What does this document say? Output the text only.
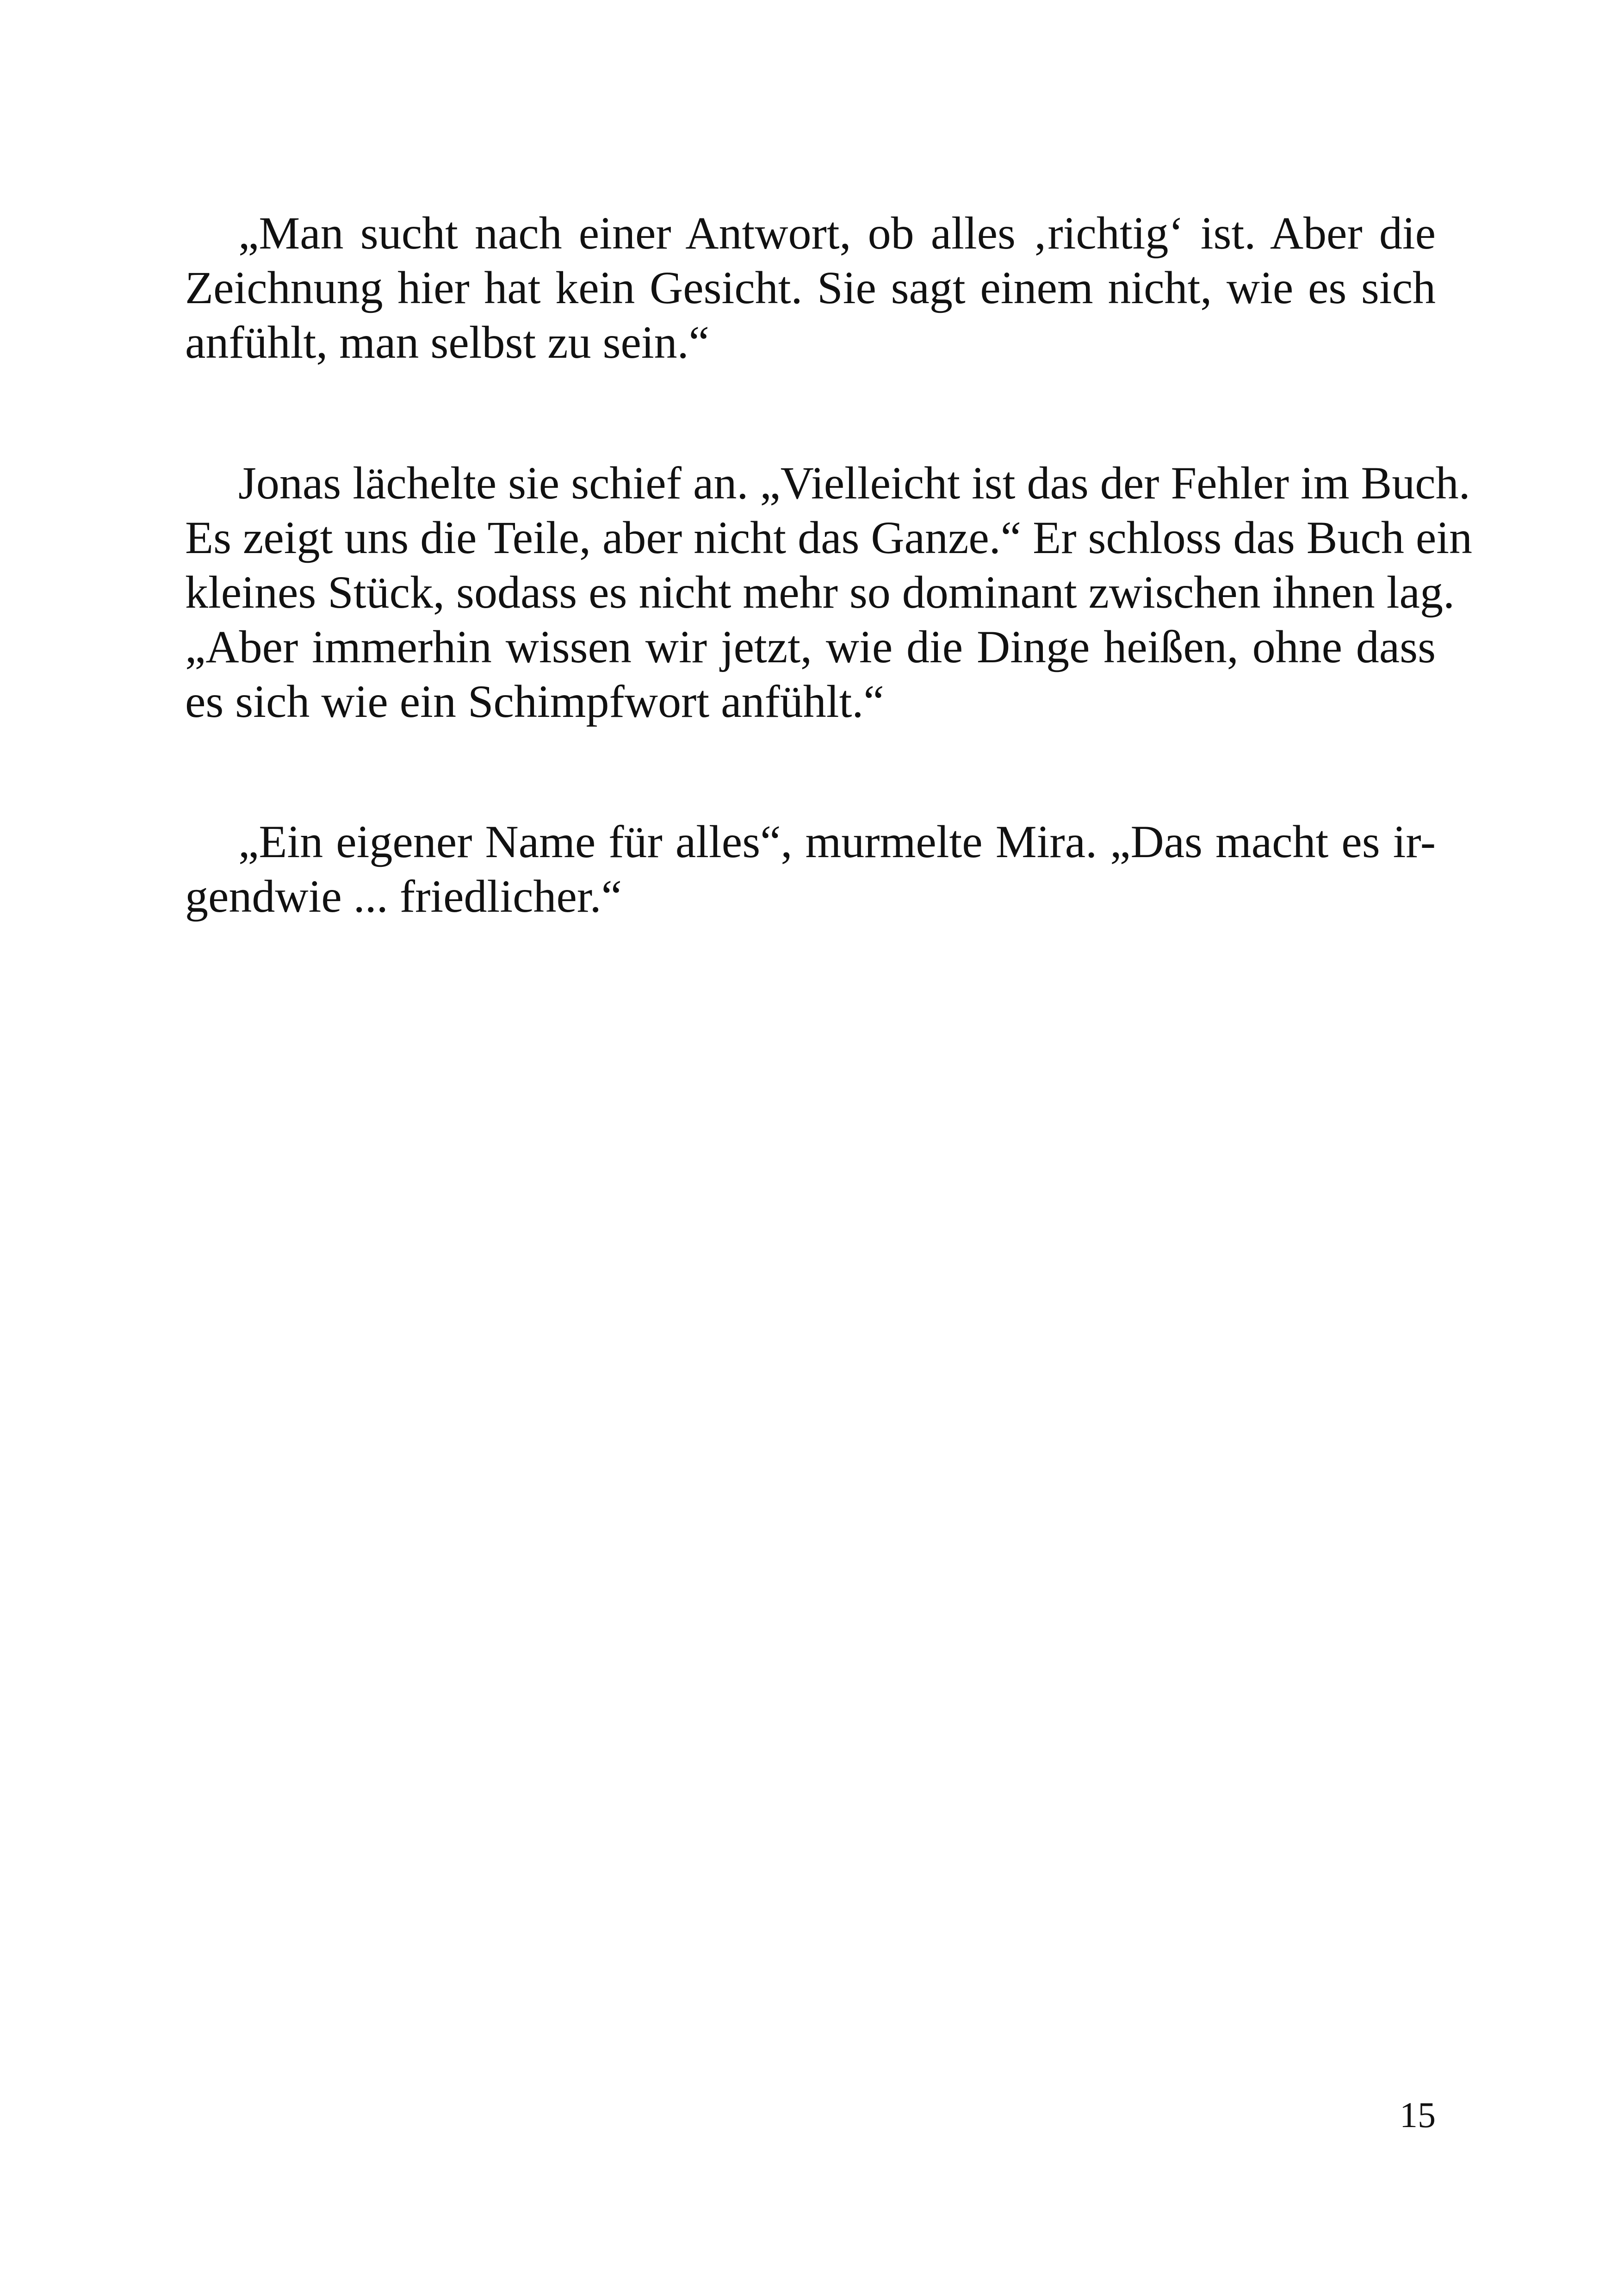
„Man sucht nach einer Antwort, ob alles ‚richtig‘ ist. Aber die
Zeichnung hier hat kein Gesicht. Sie sagt einem nicht, wie es sich
anfühlt, man selbst zu sein.“
Jonas lächelte sie schief an. „Vielleicht ist das der Fehler im Buch.
Es zeigt uns die Teile, aber nicht das Ganze.“ Er schloss das Buch ein
kleines Stück, sodass es nicht mehr so dominant zwischen ihnen lag.
„Aber immerhin wissen wir jetzt, wie die Dinge heißen, ohne dass
es sich wie ein Schimpfwort anfühlt.“
„Ein eigener Name für alles“, murmelte Mira. „Das macht es ir-
gendwie ... friedlicher.“
15
